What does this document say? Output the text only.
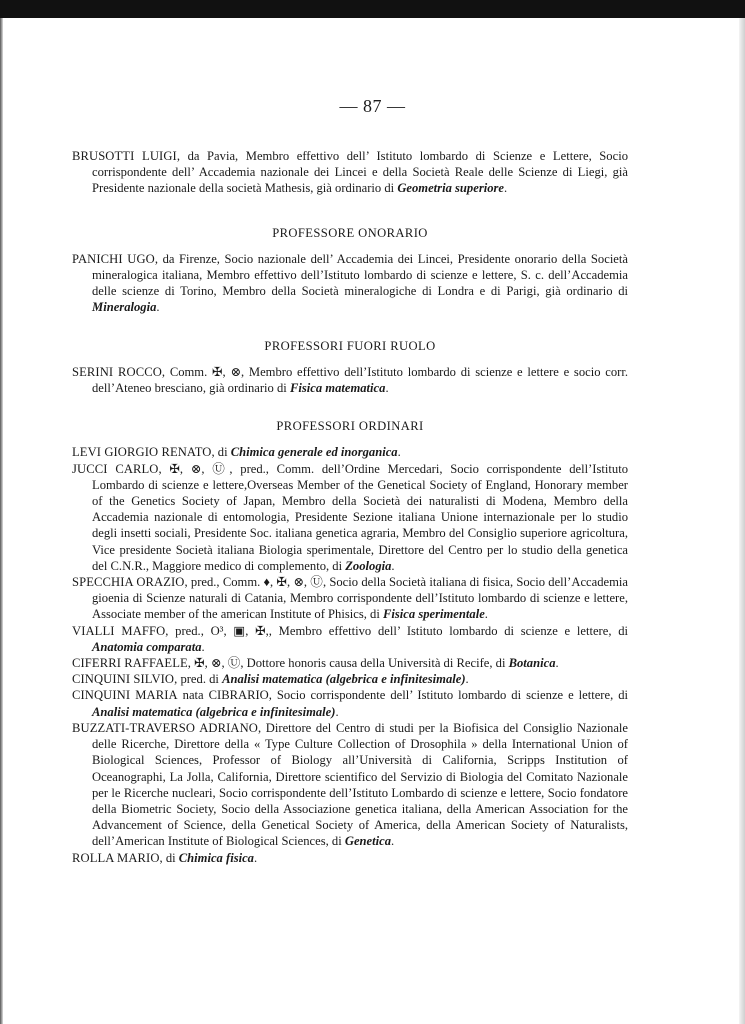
— 87 —

BRUSOTTI LUIGI, da Pavia, Membro effettivo dell’ Istituto lombardo di Scienze e Lettere, Socio corrispondente dell’ Accademia nazionale dei Lincei e della Società Reale delle Scienze di Liegi, già Presidente nazionale della società Mathesis, già ordinario di Geometria superiore.

PROFESSORE ONORARIO

PANICHI UGO, da Firenze, Socio nazionale dell’ Accademia dei Lincei, Presidente onorario della Società mineralogica italiana, Membro effettivo dell’Istituto lombardo di scienze e lettere, S. c. dell’Accademia delle scienze di Torino, Membro della Società mineralogiche di Londra e di Parigi, già ordinario di Mineralogia.

PROFESSORI FUORI RUOLO

SERINI ROCCO, Comm. ✠, ⊗, Membro effettivo dell’Istituto lombardo di scienze e lettere e socio corr. dell’Ateneo bresciano, già ordinario di Fisica matematica.

PROFESSORI ORDINARI

LEVI GIORGIO RENATO, di Chimica generale ed inorganica.

JUCCI CARLO, ✠, ⊗, Ⓤ, pred., Comm. dell’Ordine Mercedari, Socio corrispondente dell’Istituto Lombardo di scienze e lettere,Overseas Member of the Genetical Society of England, Honorary member of the Genetics Society of Japan, Membro della Società dei naturalisti di Modena, Membro della Accademia nazionale di entomologia, Presidente Sezione italiana Unione internazionale per lo studio degli insetti sociali, Presidente Soc. italiana genetica agraria, Membro del Consiglio superiore agricoltura, Vice presidente Società italiana Biologia sperimentale, Direttore del Centro per lo studio della genetica del C.N.R., Maggiore medico di complemento, di Zoologia.

SPECCHIA ORAZIO, pred., Comm. ♦, ✠, ⊗, Ⓤ, Socio della Società italiana di fisica, Socio dell’Accademia gioenia di Scienze naturali di Catania, Membro corrispondente dell’Istituto lombardo di scienze e lettere, Associate member of the american Institute of Phisics, di Fisica sperimentale.

VIALLI MAFFO, pred., O³, ▣, ✠,, Membro effettivo dell’ Istituto lombardo di scienze e lettere, di Anatomia comparata.

CIFERRI RAFFAELE, ✠, ⊗, Ⓤ, Dottore honoris causa della Università di Recife, di Botanica.

CINQUINI SILVIO, pred. di Analisi matematica (algebrica e infinitesimale).

CINQUINI MARIA nata CIBRARIO, Socio corrispondente dell’ Istituto lombardo di scienze e lettere, di Analisi matematica (algebrica e infinitesimale).

BUZZATI-TRAVERSO ADRIANO, Direttore del Centro di studi per la Biofisica del Consiglio Nazionale delle Ricerche, Direttore della « Type Culture Collection of Drosophila » della International Union of Biological Sciences, Professor of Biology all’Università di California, Scripps Institution of Oceanographi, La Jolla, California, Direttore scientifico del Servizio di Biologia del Comitato Nazionale per le Ricerche nucleari, Socio corrispondente dell’Istituto Lombardo di scienze e lettere, Socio fondatore della Biometric Society, Socio della Associazione genetica italiana, della American Association for the Advancement of Science, della Genetical Society of America, della American Society of Naturalists, dell’American Institute of Biological Sciences, di Genetica.

ROLLA MARIO, di Chimica fisica.
